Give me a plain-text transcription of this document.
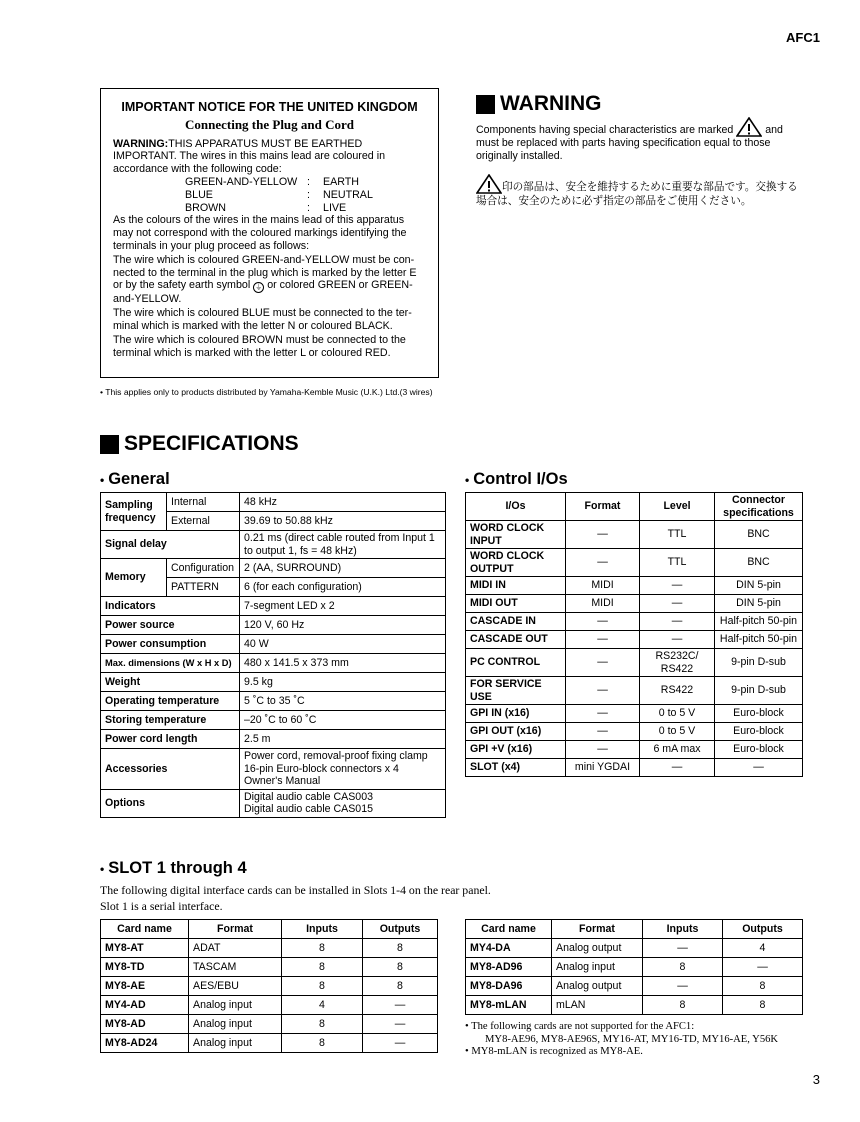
AFC1
IMPORTANT NOTICE FOR THE UNITED KINGDOM
Connecting the Plug and Cord

WARNING:THIS APPARATUS MUST BE EARTHED

IMPORTANT. The wires in this mains lead are coloured in accordance with the following code:

GREEN-AND-YELLOW :	EARTH
BLUE	:	NEUTRAL
BROWN	:	LIVE

As the colours of the wires in the mains lead of this apparatus may not correspond with the coloured markings identifying the terminals in your plug proceed as follows:

The wire which is coloured GREEN-and-YELLOW must be con-nected to the terminal in the plug which is marked by the letter E or by the safety earth symbol ⏚ or colored GREEN or GREEN-and-YELLOW.

The wire which is coloured BLUE must be connected to the ter-minal which is marked with the letter N or coloured BLACK.

The wire which is coloured BROWN must be connected to the terminal which is marked with the letter L or coloured RED.

• This applies only to products distributed by Yamaha-Kemble Music (U.K.) Ltd.(3 wires)
WARNING
Components having special characteristics are marked	and must be replaced with parts having specification equal to those originally installed.
印の部品は、安全を維持するために重要な部品です。交換する場合は、安全のために必ず指定の部品をご使用ください。
SPECIFICATIONS
• General	• Control I/Os
Sampling frequency	Internal	48 kHz
	External	39.69 to 50.88 kHz
Signal delay		0.21 ms (direct cable routed from Input 1 to output 1, fs = 48 kHz)
Memory	Configuration	2 (AA, SURROUND)
	PATTERN	6 (for each configuration)
Indicators		7-segment LED x 2
Power source		120 V, 60 Hz
Power consumption		40 W
Max. dimensions (W x H x D)		480 x 141.5 x 373 mm
Weight		9.5 kg
Operating temperature		5 ˚C to 35 ˚C
Storing temperature		–20 ˚C to 60 ˚C
Power cord length		2.5 m
Accessories		Power cord, removal-proof fixing clamp
16-pin Euro-block connectors x 4
Owner's Manual

Options		Digital audio cable CAS003
Digital audio cable CAS015
I/Os	Format	Level	Connector specifications
WORD CLOCK INPUT	—	TTL	BNC
WORD CLOCK OUTPUT	—	TTL	BNC
MIDI IN	MIDI	—	DIN 5-pin
MIDI OUT	MIDI	—	DIN 5-pin
CASCADE IN	—	—	Half-pitch 50-pin
CASCADE OUT	—	—	Half-pitch 50-pin
PC CONTROL	—	RS232C/ RS422	9-pin D-sub
FOR SERVICE USE	—	RS422	9-pin D-sub
GPI IN (x16)	—	0 to 5 V	Euro-block
GPI OUT (x16)	—	0 to 5 V	Euro-block
GPI +V (x16)	—	6 mA max	Euro-block
SLOT (x4)	mini YGDAI	—	—
• SLOT 1 through 4
The following digital interface cards can be installed in Slots 1-4 on the rear panel.
Slot 1 is a serial interface.
Card name	Format	Inputs	Outputs
MY8-AT	ADAT	8	8
MY8-TD	TASCAM	8	8
MY8-AE	AES/EBU	8	8
MY4-AD	Analog input	4	—
MY8-AD	Analog input	8	—
MY8-AD24	Analog input	8	—
Card name	Format	Inputs	Outputs
MY4-DA	Analog output	—	4
MY8-AD96	Analog input	8	—
MY8-DA96	Analog output	—	8
MY8-mLAN	mLAN	8	8
• The following cards are not supported for the AFC1:
MY8-AE96, MY8-AE96S, MY16-AT, MY16-TD, MY16-AE, Y56K
• MY8-mLAN is recognized as MY8-AE.
3
